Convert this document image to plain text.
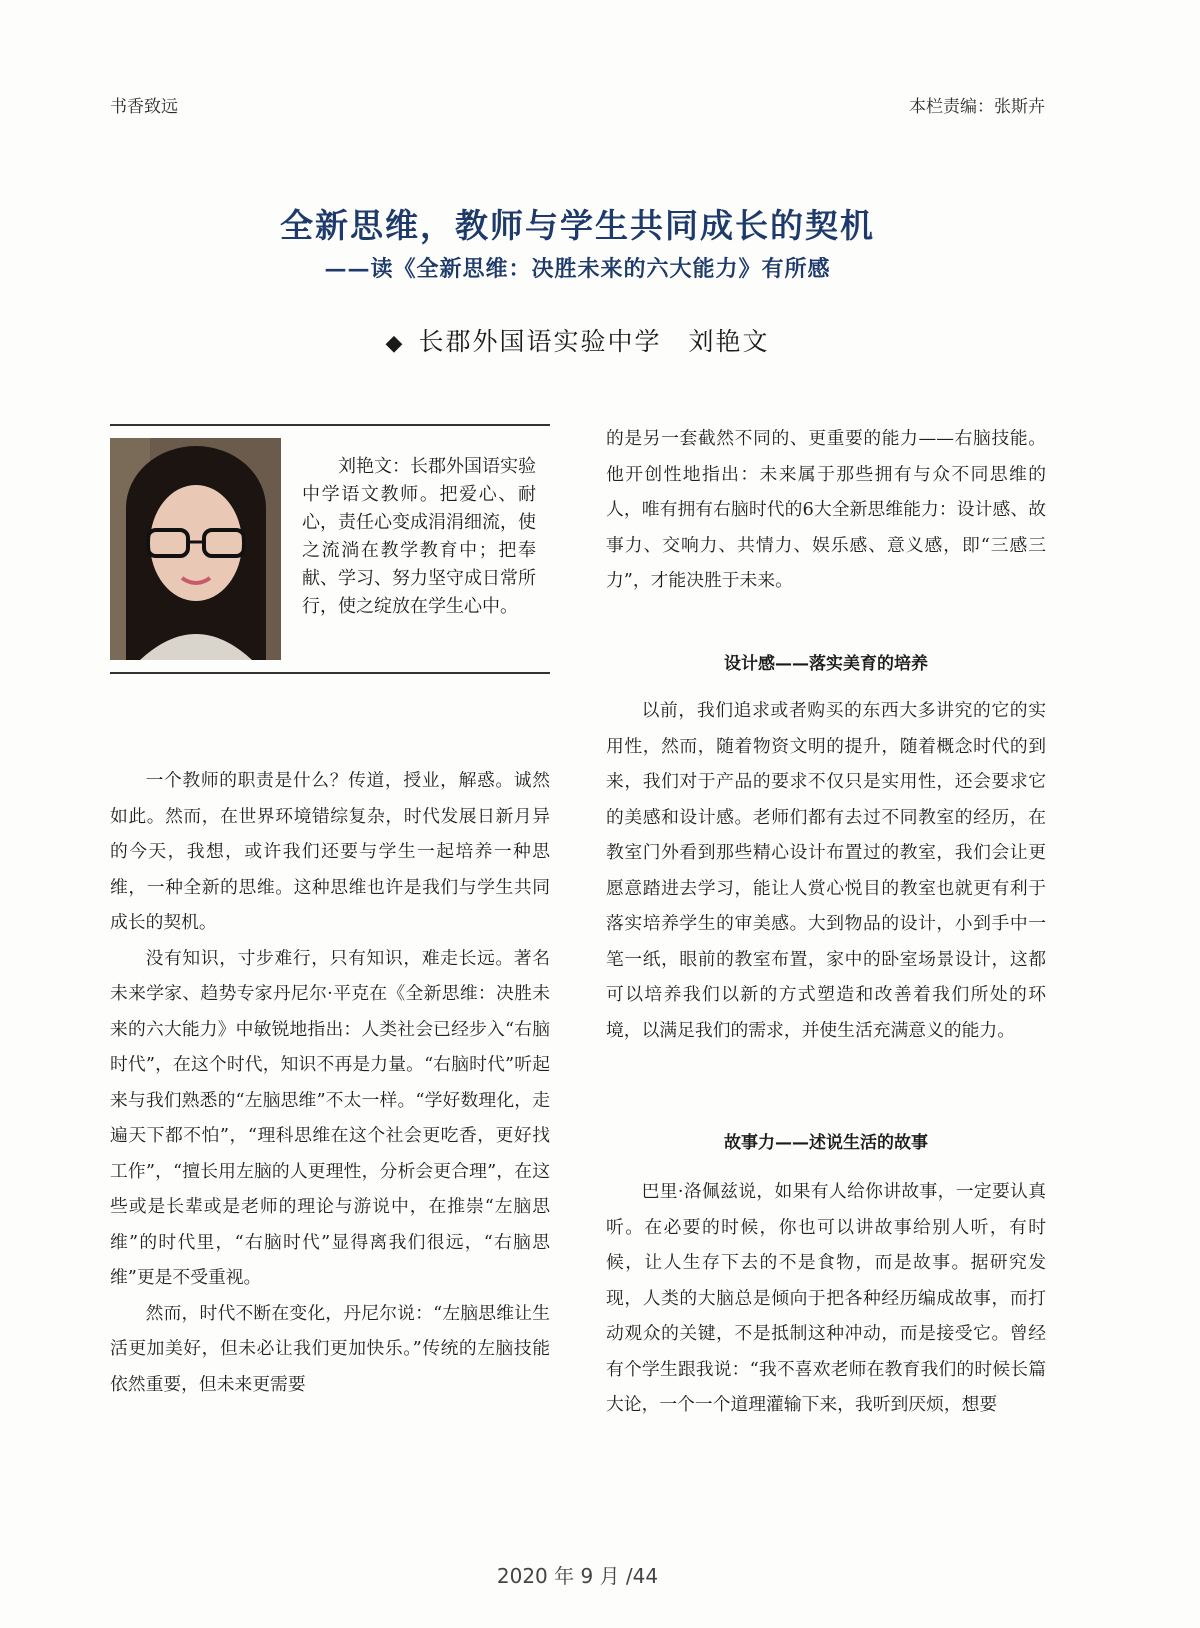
书香致远	本栏责编：张斯卉
全新思维，教师与学生共同成长的契机
——读《全新思维：决胜未来的六大能力》有所感
◆ 长郡外国语实验中学　刘艳文
刘艳文：长郡外国语实验中学语文教师。把爱心、耐心，责任心变成涓涓细流，使之流淌在教学教育中；把奉献、学习、努力坚守成日常所行，使之绽放在学生心中。

一个教师的职责是什么？传道，授业，解惑。诚然如此。然而，在世界环境错综复杂，时代发展日新月异的今天，我想，或许我们还要与学生一起培养一种思维，一种全新的思维。这种思维也许是我们与学生共同成长的契机。

没有知识，寸步难行，只有知识，难走长远。著名未来学家、趋势专家丹尼尔·平克在《全新思维：决胜未来的六大能力》中敏锐地指出：人类社会已经步入“右脑时代”，在这个时代，知识不再是力量。“右脑时代”听起来与我们熟悉的“左脑思维”不太一样。“学好数理化，走遍天下都不怕”，“理科思维在这个社会更吃香，更好找工作”，“擅长用左脑的人更理性，分析会更合理”，在这些或是长辈或是老师的理论与游说中，在推崇“左脑思维”的时代里，“右脑时代”显得离我们很远，“右脑思维”更是不受重视。

然而，时代不断在变化，丹尼尔说：“左脑思维让生活更加美好，但未必让我们更加快乐。”传统的左脑技能依然重要，但未来更需要

的是另一套截然不同的、更重要的能力——右脑技能。他开创性地指出：未来属于那些拥有与众不同思维的人，唯有拥有右脑时代的6大全新思维能力：设计感、故事力、交响力、共情力、娱乐感、意义感，即“三感三力”，才能决胜于未来。

设计感——落实美育的培养

以前，我们追求或者购买的东西大多讲究的它的实用性，然而，随着物资文明的提升，随着概念时代的到来，我们对于产品的要求不仅只是实用性，还会要求它的美感和设计感。老师们都有去过不同教室的经历，在教室门外看到那些精心设计布置过的教室，我们会让更愿意踏进去学习，能让人赏心悦目的教室也就更有利于落实培养学生的审美感。大到物品的设计，小到手中一笔一纸，眼前的教室布置，家中的卧室场景设计，这都可以培养我们以新的方式塑造和改善着我们所处的环境，以满足我们的需求，并使生活充满意义的能力。

故事力——述说生活的故事

巴里·洛佩兹说，如果有人给你讲故事，一定要认真听。在必要的时候，你也可以讲故事给别人听，有时候，让人生存下去的不是食物，而是故事。据研究发现，人类的大脑总是倾向于把各种经历编成故事，而打动观众的关键，不是抵制这种冲动，而是接受它。曾经有个学生跟我说：“我不喜欢老师在教育我们的时候长篇大论，一个一个道理灌输下来，我听到厌烦，想要

2020 年 9 月 /44
